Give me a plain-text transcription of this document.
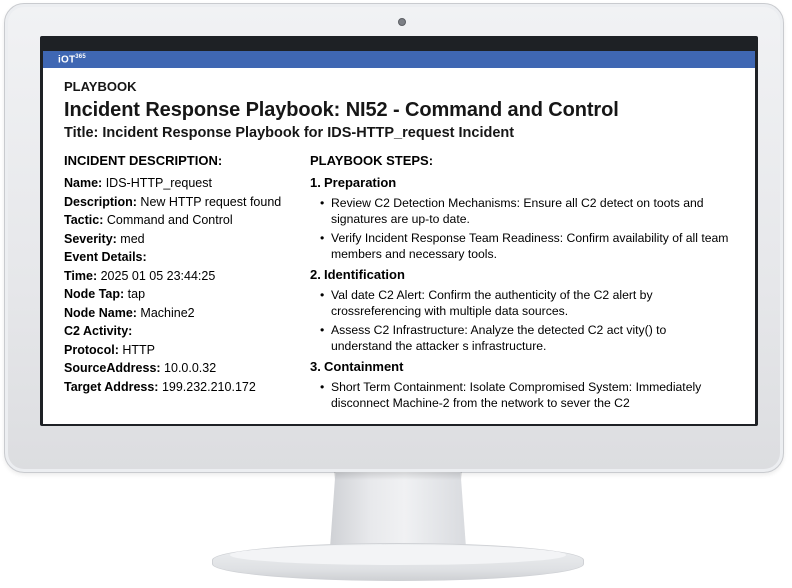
iOT$^{365}$
PLAYBOOK
Incident Response Playbook: NI52 - Command and Control
Title: Incident Response Playbook for IDS-HTTP_request Incident
INCIDENT DESCRIPTION:
Name: IDS-HTTP_request
Description: New HTTP request found
Tactic: Command and Control
Severity: med
Event Details:
Time: 2025 01 05 23:44:25
Node Tap: tap
Node Name: Machine2
C2 Activity:
Protocol: HTTP
SourceAddress: 10.0.0.32
Target Address: 199.232.210.172
PLAYBOOK STEPS:
1. Preparation
• Review C2 Detection Mechanisms: Ensure all C2 detect on toots and signatures are up-to date.
• Verify Incident Response Team Readiness: Confirm availability of all team members and necessary tools.
2. Identification
• Val date C2 Alert: Confirm the authenticity of the C2 alert by crossreferencing with multiple data sources.
• Assess C2 Infrastructure: Analyze the detected C2 act vity() to understand the attacker s infrastructure.
3. Containment
• Short Term Containment: Isolate Compromised System: Immediately disconnect Machine-2 from the network to sever the C2
